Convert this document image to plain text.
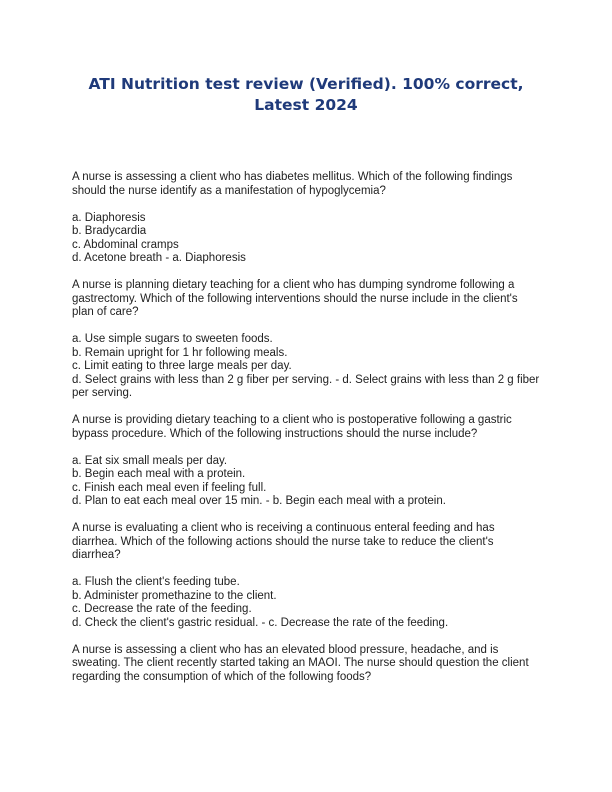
ATI Nutrition test review (Verified). 100% correct, Latest 2024
A nurse is assessing a client who has diabetes mellitus. Which of the following findings should the nurse identify as a manifestation of hypoglycemia?
a. Diaphoresis
b. Bradycardia
c. Abdominal cramps
d. Acetone breath - a. Diaphoresis
A nurse is planning dietary teaching for a client who has dumping syndrome following a gastrectomy. Which of the following interventions should the nurse include in the client's plan of care?
a. Use simple sugars to sweeten foods.
b. Remain upright for 1 hr following meals.
c. Limit eating to three large meals per day.
d. Select grains with less than 2 g fiber per serving. - d. Select grains with less than 2 g fiber per serving.
A nurse is providing dietary teaching to a client who is postoperative following a gastric bypass procedure. Which of the following instructions should the nurse include?
a. Eat six small meals per day.
b. Begin each meal with a protein.
c. Finish each meal even if feeling full.
d. Plan to eat each meal over 15 min. - b. Begin each meal with a protein.
A nurse is evaluating a client who is receiving a continuous enteral feeding and has diarrhea. Which of the following actions should the nurse take to reduce the client's diarrhea?
a. Flush the client's feeding tube.
b. Administer promethazine to the client.
c. Decrease the rate of the feeding.
d. Check the client's gastric residual. - c. Decrease the rate of the feeding.
A nurse is assessing a client who has an elevated blood pressure, headache, and is sweating. The client recently started taking an MAOI. The nurse should question the client regarding the consumption of which of the following foods?
